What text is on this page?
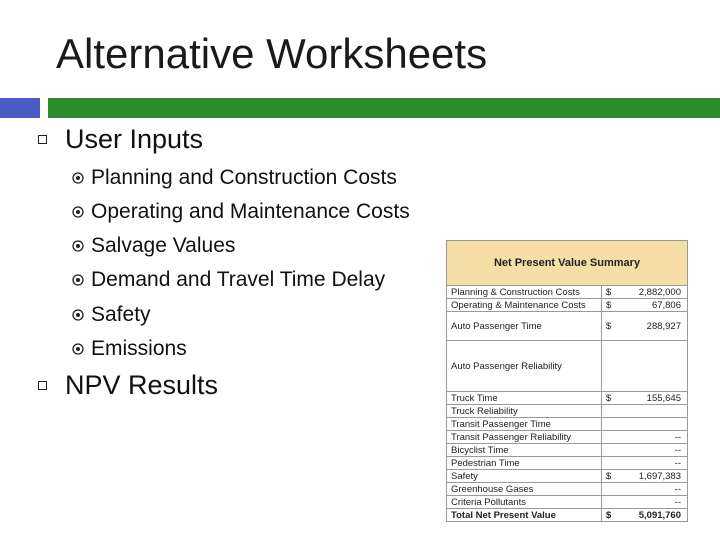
Alternative Worksheets
User Inputs
Planning and Construction Costs
Operating and Maintenance Costs
Salvage Values
Demand and Travel Time Delay
Safety
Emissions
NPV Results
Net Present Value Summary
Planning & Construction Costs	$	2,882,000
Operating & Maintenance Costs	$	67,806
Auto Passenger Time	$	288,927
Auto Passenger Reliability
Truck Time	$	155,645
Truck Reliability
Transit Passenger Time
Transit Passenger Reliability	--
Bicyclist Time	--
Pedestrian Time	--
Safety	$	1,697,383
Greenhouse Gases	--
Criteria Pollutants	--
Total Net Present Value	$	5,091,760
